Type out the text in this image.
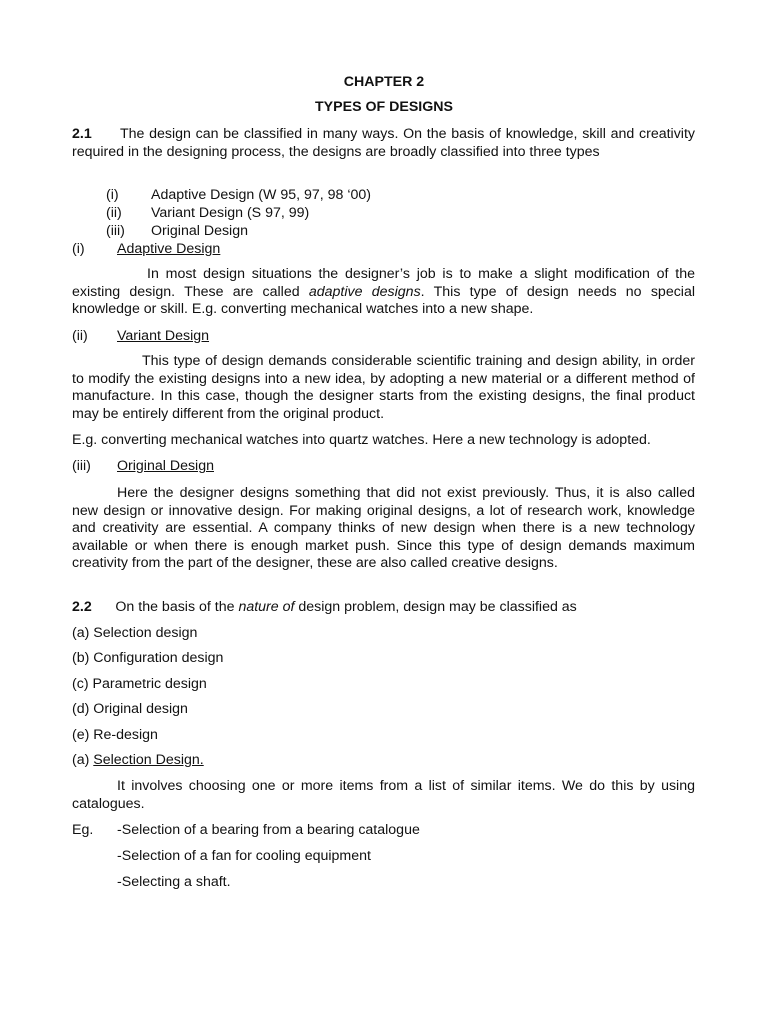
CHAPTER 2
TYPES OF DESIGNS
2.1 The design can be classified in many ways. On the basis of knowledge, skill and creativity required in the designing process, the designs are broadly classified into three types
(i) Adaptive Design (W 95, 97, 98 ‘00)
(ii) Variant Design (S 97, 99)
(iii) Original Design
(i) Adaptive Design
In most design situations the designer’s job is to make a slight modification of the existing design. These are called adaptive designs. This type of design needs no special knowledge or skill. E.g. converting mechanical watches into a new shape.
(ii) Variant Design
This type of design demands considerable scientific training and design ability, in order to modify the existing designs into a new idea, by adopting a new material or a different method of manufacture. In this case, though the designer starts from the existing designs, the final product may be entirely different from the original product.
E.g. converting mechanical watches into quartz watches. Here a new technology is adopted.
(iii) Original Design
Here the designer designs something that did not exist previously. Thus, it is also called new design or innovative design. For making original designs, a lot of research work, knowledge and creativity are essential. A company thinks of new design when there is a new technology available or when there is enough market push. Since this type of design demands maximum creativity from the part of the designer, these are also called creative designs.
2.2 On the basis of the nature of design problem, design may be classified as
(a) Selection design
(b) Configuration design
(c) Parametric design
(d) Original design
(e) Re-design
(a) Selection Design.
It involves choosing one or more items from a list of similar items. We do this by using catalogues.
Eg. -Selection of a bearing from a bearing catalogue
-Selection of a fan for cooling equipment
-Selecting a shaft.
